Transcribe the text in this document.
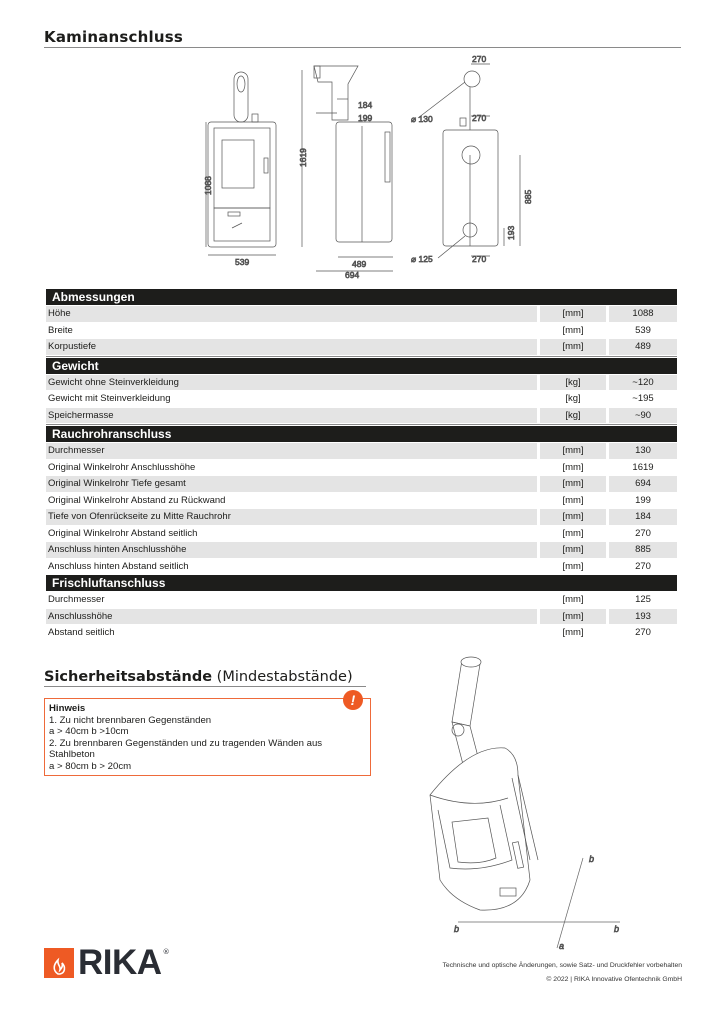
Kaminanschluss
1088
539
1619
184
199
489
694
270
270
⌀ 130
885
193
⌀ 125	270
Abmessungen
Höhe	[mm]	1088
Breite	[mm]	539
Korpustiefe	[mm]	489
Gewicht
Gewicht ohne Steinverkleidung	[kg]	~120
Gewicht mit Steinverkleidung	[kg]	~195
Speichermasse	[kg]	~90
Rauchrohranschluss
Durchmesser	[mm]	130
Original Winkelrohr Anschlusshöhe	[mm]	1619
Original Winkelrohr Tiefe gesamt	[mm]	694
Original Winkelrohr Abstand zu Rückwand	[mm]	199
Tiefe von Ofenrückseite zu Mitte Rauchrohr	[mm]	184
Original Winkelrohr Abstand seitlich	[mm]	270
Anschluss hinten Anschlusshöhe	[mm]	885
Anschluss hinten Abstand seitlich	[mm]	270
Frischluftanschluss
Durchmesser	[mm]	125
Anschlusshöhe	[mm]	193
Abstand seitlich	[mm]	270
Sicherheitsabstände (Mindestabstände)
Hinweis
1. Zu nicht brennbaren Gegenständen
a > 40cm b >10cm
2. Zu brennbaren Gegenständen und zu tragenden Wänden aus Stahlbeton
a > 80cm b > 20cm
!
b
b	b
a
RIKA ®
Technische und optische Änderungen, sowie Satz- und Druckfehler vorbehalten
© 2022 | RIKA Innovative Ofentechnik GmbH
